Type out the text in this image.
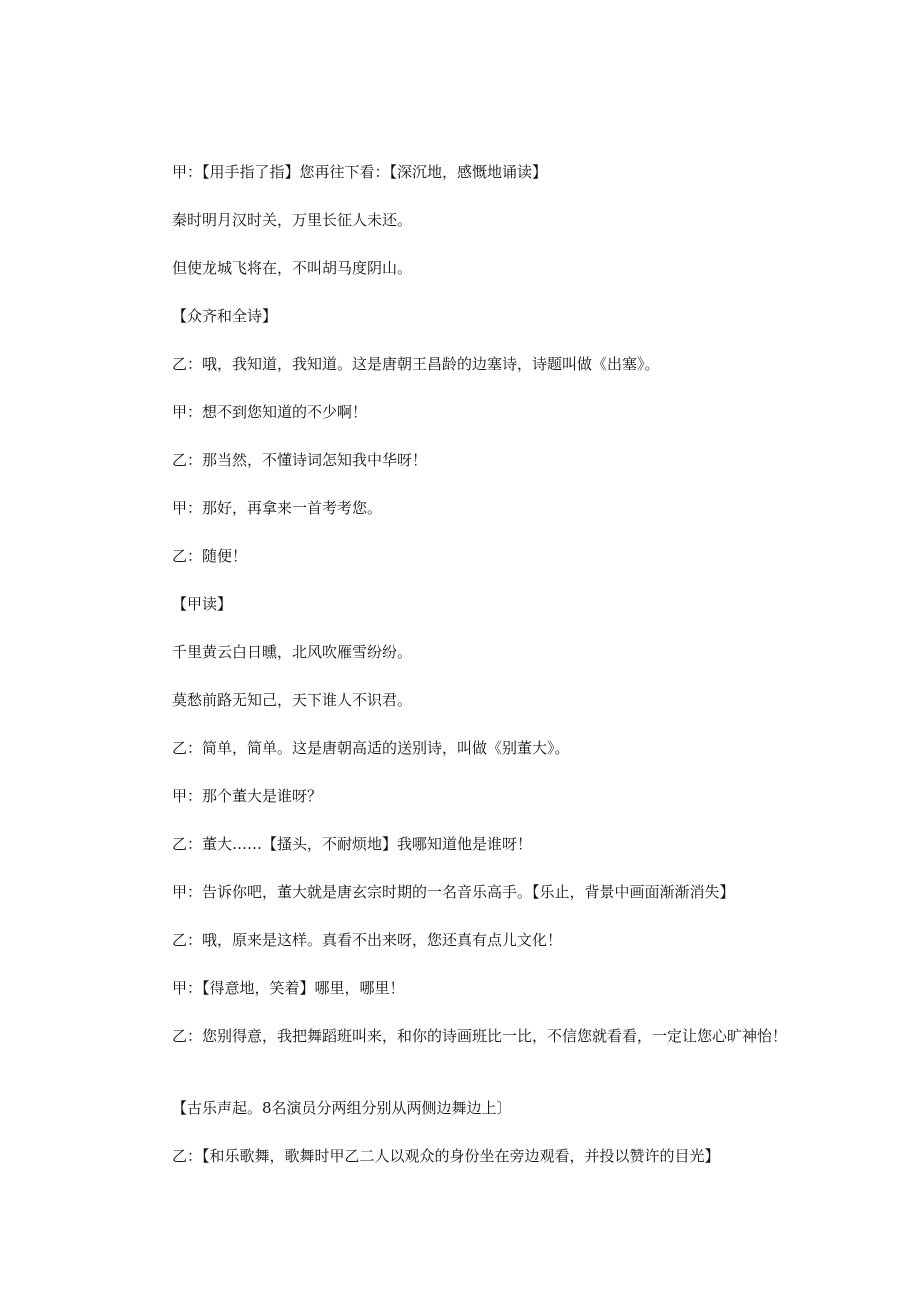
甲：【用手指了指】您再往下看：【深沉地，感慨地诵读】
秦时明月汉时关，万里长征人未还。
但使龙城飞将在，不叫胡马度阴山。
【众齐和全诗】
乙：哦，我知道，我知道。这是唐朝王昌龄的边塞诗，诗题叫做《出塞》。
甲：想不到您知道的不少啊！
乙：那当然，不懂诗词怎知我中华呀！
甲：那好，再拿来一首考考您。
乙：随便！
【甲读】
千里黄云白日曛，北风吹雁雪纷纷。
莫愁前路无知己，天下谁人不识君。
乙：简单，简单。这是唐朝高适的送别诗，叫做《别董大》。
甲：那个董大是谁呀？
乙：董大……【搔头，不耐烦地】我哪知道他是谁呀！
甲：告诉你吧，董大就是唐玄宗时期的一名音乐高手。【乐止，背景中画面渐渐消失】
乙：哦，原来是这样。真看不出来呀，您还真有点儿文化！
甲：【得意地，笑着】哪里，哪里！
乙：您别得意，我把舞蹈班叫来，和你的诗画班比一比，不信您就看看，一定让您心旷神怡！
【古乐声起。8名演员分两组分别从两侧边舞边上〕
乙：【和乐歌舞，歌舞时甲乙二人以观众的身份坐在旁边观看，并投以赞许的目光】
